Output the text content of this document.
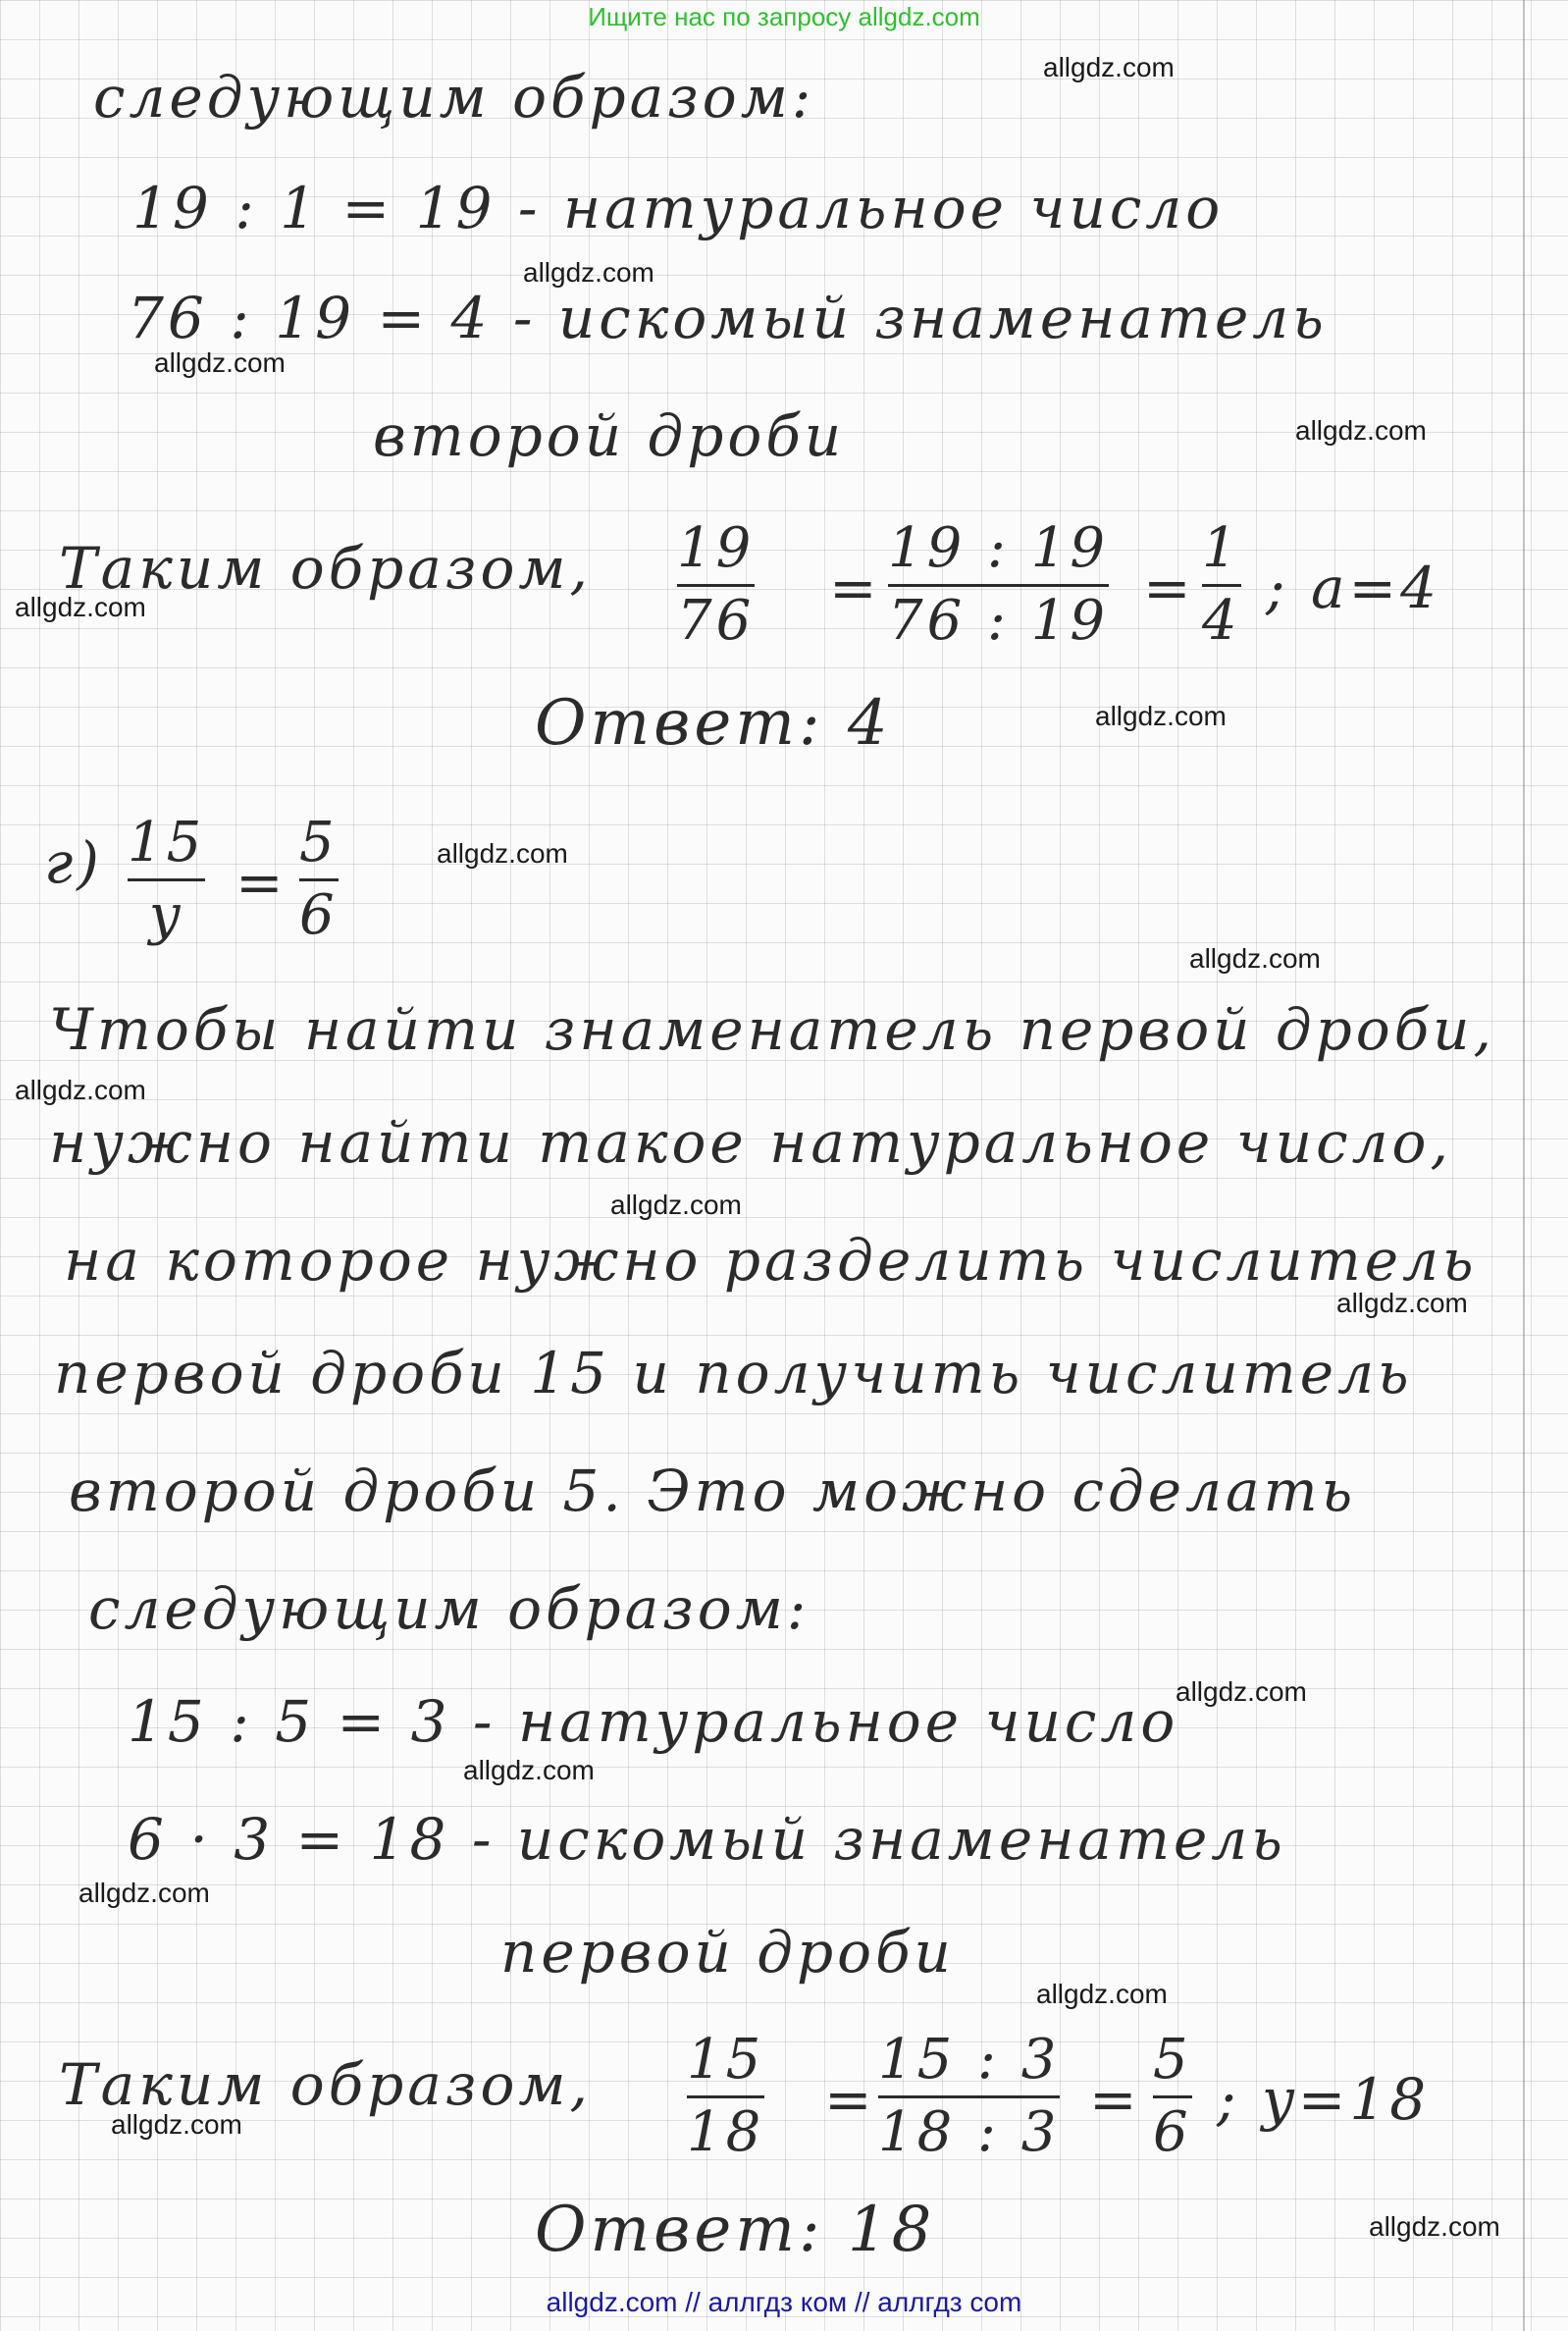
Ищите нас по запросу allgdz.com
следующим образом:
19 : 1 = 19 - натуральное число
76 : 19 = 4 - искомый знаменатель
второй дроби
Таким образом, 19
76 =
19 : 19
76 : 19 =
1
4 ; a=4
Ответ: 4
г) 15
y =
5
6
Чтобы найти знаменатель первой дроби,
нужно найти такое натуральное число,
на которое нужно разделить числитель
первой дроби 15 и получить числитель
второй дроби 5. Это можно сделать
следующим образом:
15 : 5 = 3 - натуральное число
6 · 3 = 18 - искомый знаменатель
первой дроби
Таким образом, 15
18 =
15 : 3
18 : 3 =
5
6 ; y=18
Ответ: 18
allgdz.com
allgdz.com
allgdz.com
allgdz.com
allgdz.com
allgdz.com
allgdz.com
allgdz.com
allgdz.com
allgdz.com
allgdz.com
allgdz.com
allgdz.com
allgdz.com
allgdz.com
allgdz.com
allgdz.com
allgdz.com // аллгдз ком // аллгдз com
